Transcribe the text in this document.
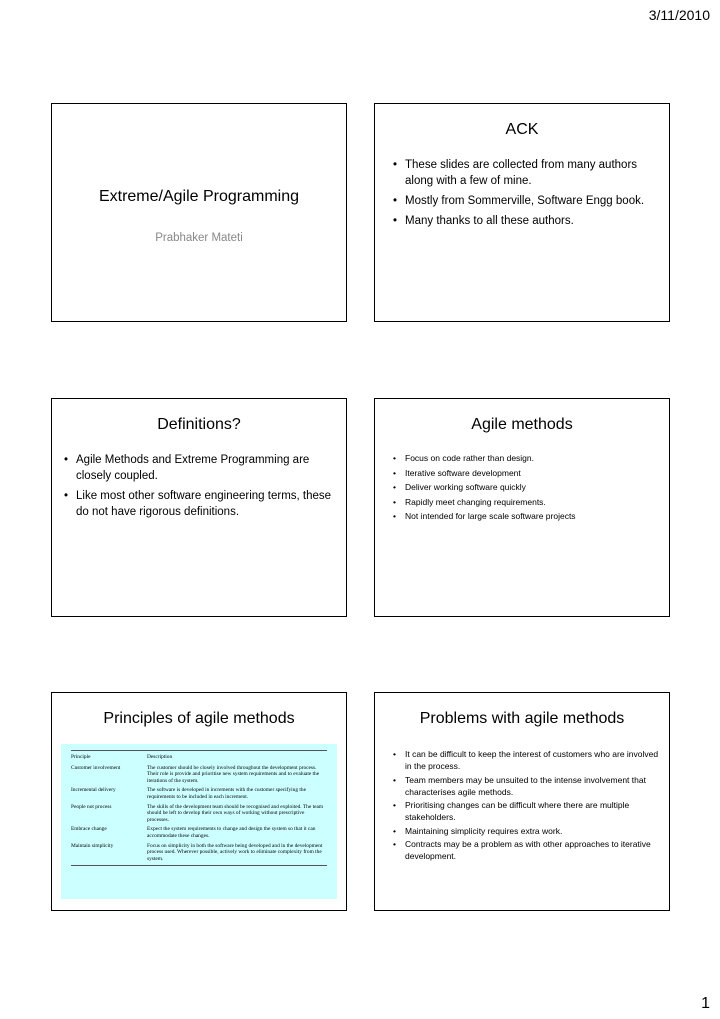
3/11/2010
Extreme/Agile Programming
Prabhaker Mateti
ACK
• These slides are collected from many authors along with a few of mine.
• Mostly from Sommerville, Software Engg book.
• Many thanks to all these authors.
Definitions?
• Agile Methods and Extreme Programming are closely coupled.
• Like most other software engineering terms, these do not have rigorous definitions.
Agile methods
• Focus on code rather than design.
• Iterative software development
• Deliver working software quickly
• Rapidly meet changing requirements.
• Not intended for large scale software projects
Principles of agile methods
Principle	Description
Customer involvement	The customer should be closely involved throughout the development process. Their role is provide and prioritise new system requirements and to evaluate the iterations of the system.
Incremental delivery	The software is developed in increments with the customer specifying the requirements to be included in each increment.
People not process	The skills of the development team should be recognised and exploited. The team should be left to develop their own ways of working without prescriptive processes.
Embrace change	Expect the system requirements to change and design the system so that it can accommodate these changes.
Maintain simplicity	Focus on simplicity in both the software being developed and in the development process used. Wherever possible, actively work to eliminate complexity from the system.
Problems with agile methods
• It can be difficult to keep the interest of customers who are involved in the process.
• Team members may be unsuited to the intense involvement that characterises agile methods.
• Prioritising changes can be difficult where there are multiple stakeholders.
• Maintaining simplicity requires extra work.
• Contracts may be a problem as with other approaches to iterative development.
1
